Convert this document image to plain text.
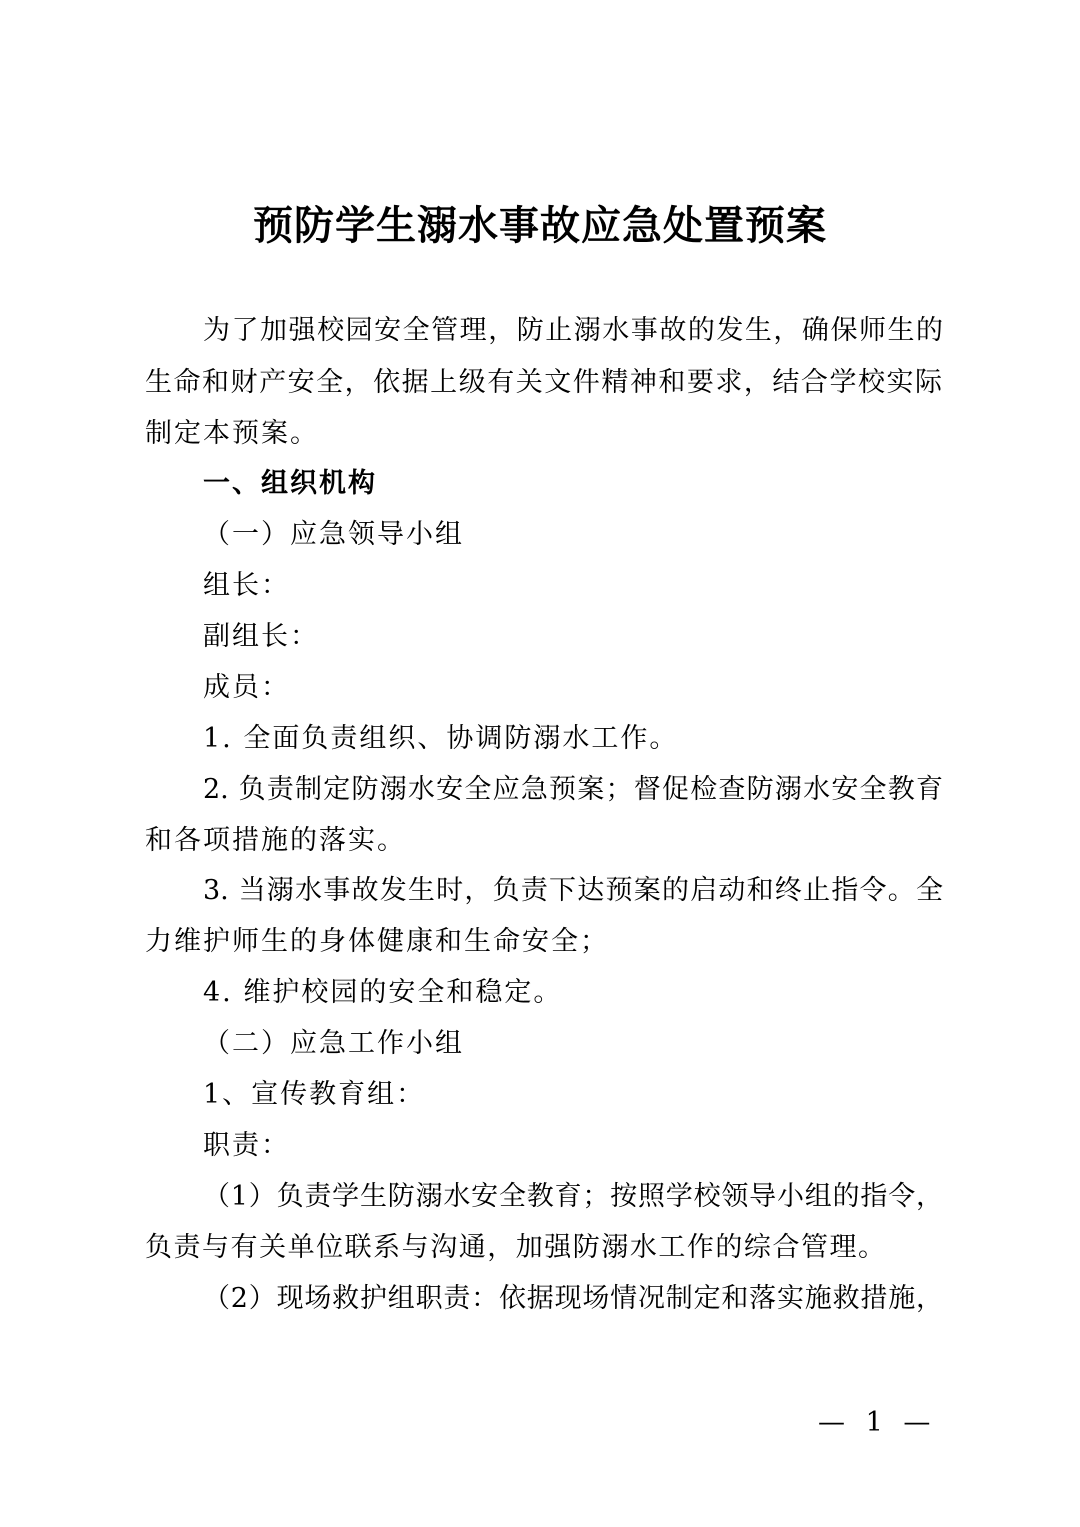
预防学生溺水事故应急处置预案
为了加强校园安全管理，防止溺水事故的发生，确保师生的
生命和财产安全，依据上级有关文件精神和要求，结合学校实际
制定本预案。
一、组织机构
（一）应急领导小组
组长：
副组长：
成员：
1. 全面负责组织、协调防溺水工作。
2. 负责制定防溺水安全应急预案；督促检查防溺水安全教育
和各项措施的落实。
3. 当溺水事故发生时，负责下达预案的启动和终止指令。全
力维护师生的身体健康和生命安全；
4. 维护校园的安全和稳定。
（二）应急工作小组
1、宣传教育组：
职责：
（1）负责学生防溺水安全教育；按照学校领导小组的指令，
负责与有关单位联系与沟通，加强防溺水工作的综合管理。
（2）现场救护组职责：依据现场情况制定和落实施救措施，
— 1 —
